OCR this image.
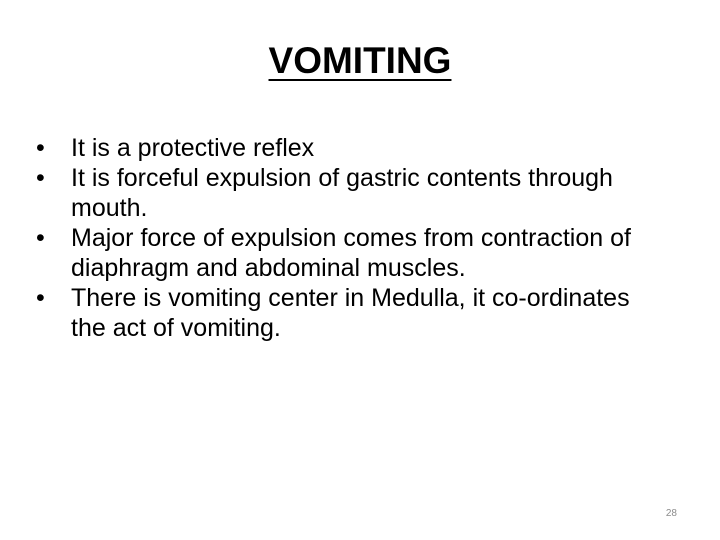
VOMITING
•	It is a protective reflex
•	It is forceful expulsion of gastric contents through mouth.
•	Major force of expulsion comes from contraction of diaphragm and abdominal muscles.
•	There is vomiting center in Medulla, it co-ordinates the act of vomiting.
28
